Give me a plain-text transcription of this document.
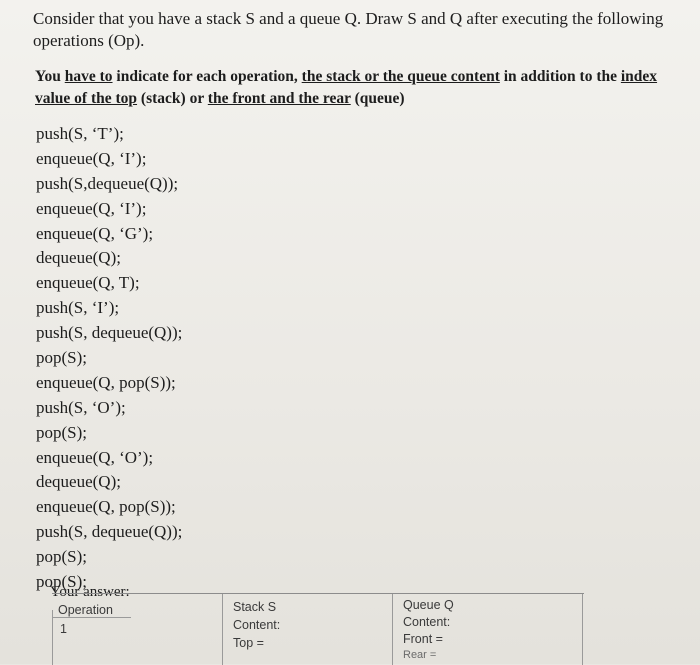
Consider that you have a stack S and a queue Q. Draw S and Q after executing the following operations (Op).
You have to indicate for each operation, the stack or the queue content in addition to the index value of the top (stack) or the front and the rear (queue)
push(S, ‘T’);
enqueue(Q, ‘I’);
push(S,dequeue(Q));
enqueue(Q, ‘I’);
enqueue(Q, ‘G’);
dequeue(Q);
enqueue(Q, T);
push(S, ‘I’);
push(S, dequeue(Q));
pop(S);
enqueue(Q, pop(S));
push(S, ‘O’);
pop(S);
enqueue(Q, ‘O’);
dequeue(Q);
enqueue(Q, pop(S));
push(S, dequeue(Q));
pop(S);
pop(S);
Your answer:
Operation
1
Stack S
Content:
Top =
Queue Q
Content:
Front =
Rear =
